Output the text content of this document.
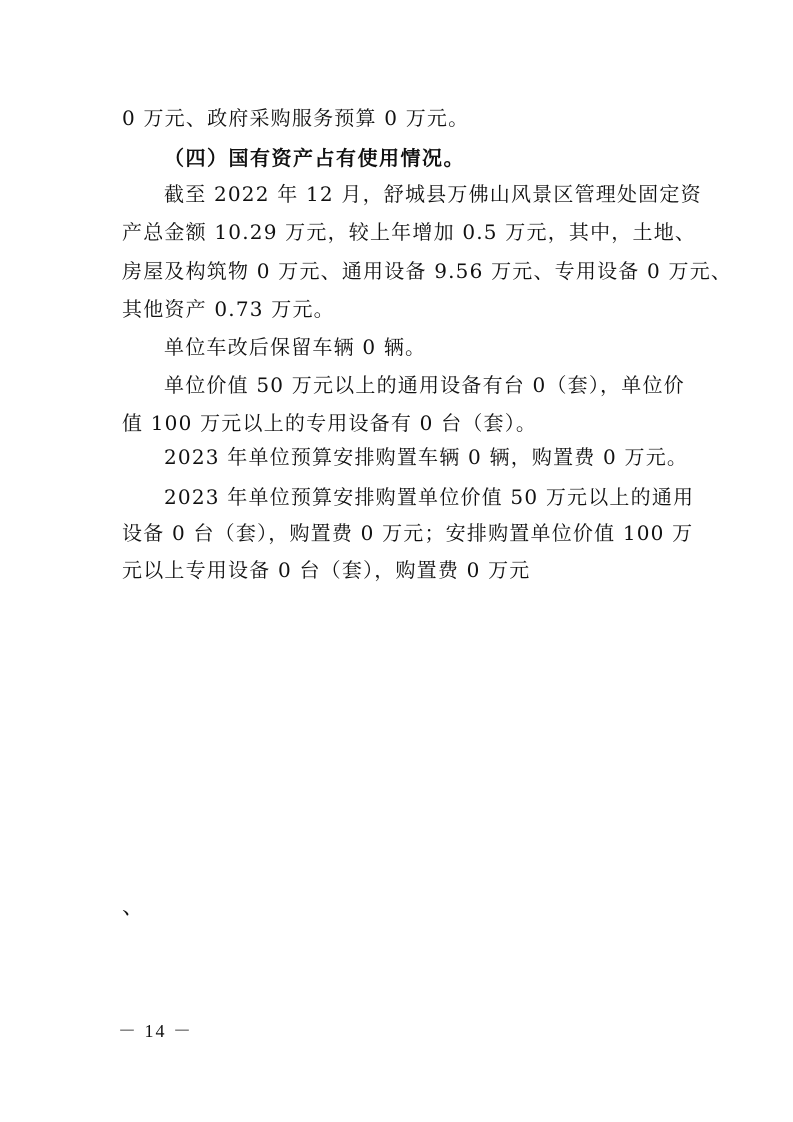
0 万元、政府采购服务预算 0 万元。
（四）国有资产占有使用情况。
截至 2022 年 12 月，舒城县万佛山风景区管理处固定资
产总金额 10.29 万元，较上年增加 0.5 万元，其中，土地、
房屋及构筑物 0 万元、通用设备 9.56 万元、专用设备 0 万元、
其他资产 0.73 万元。
单位车改后保留车辆 0 辆。
单位价值 50 万元以上的通用设备有台 0（套），单位价
值 100 万元以上的专用设备有 0 台（套）。
2023 年单位预算安排购置车辆 0 辆，购置费 0 万元。
2023 年单位预算安排购置单位价值 50 万元以上的通用
设备 0 台（套），购置费 0 万元；安排购置单位价值 100 万
元以上专用设备 0 台（套），购置费 0 万元
、
－ 14 －
